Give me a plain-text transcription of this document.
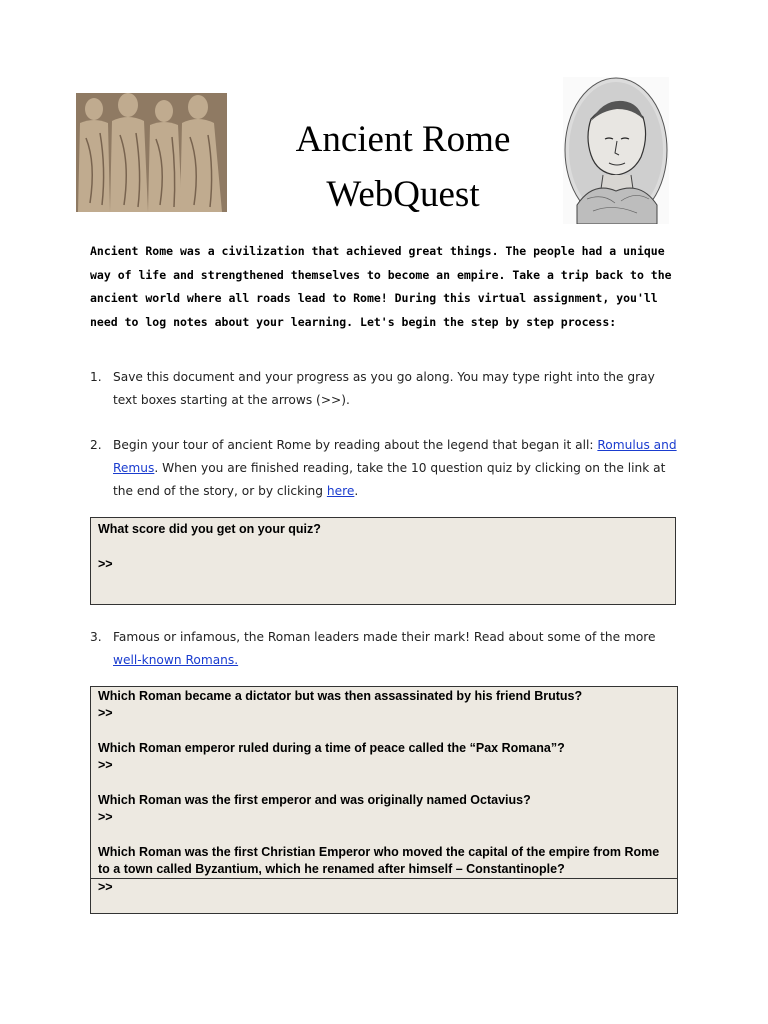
Ancient Rome
WebQuest
Ancient Rome was a civilization that achieved great things. The people had a unique way of life and strengthened themselves to become an empire. Take a trip back to the ancient world where all roads lead to Rome! During this virtual assignment, you'll need to log notes about your learning. Let's begin the step by step process:
1. Save this document and your progress as you go along. You may type right into the gray text boxes starting at the arrows (>>).
2. Begin your tour of ancient Rome by reading about the legend that began it all: Romulus and Remus. When you are finished reading, take the 10 question quiz by clicking on the link at the end of the story, or by clicking here.
What score did you get on your quiz?
>>
3. Famous or infamous, the Roman leaders made their mark! Read about some of the more well-known Romans.
Which Roman became a dictator but was then assassinated by his friend Brutus?
>>
Which Roman emperor ruled during a time of peace called the “Pax Romana”?
>>
Which Roman was the first emperor and was originally named Octavius?
>>
Which Roman was the first Christian Emperor who moved the capital of the empire from Rome to a town called Byzantium, which he renamed after himself – Constantinople?
>>
